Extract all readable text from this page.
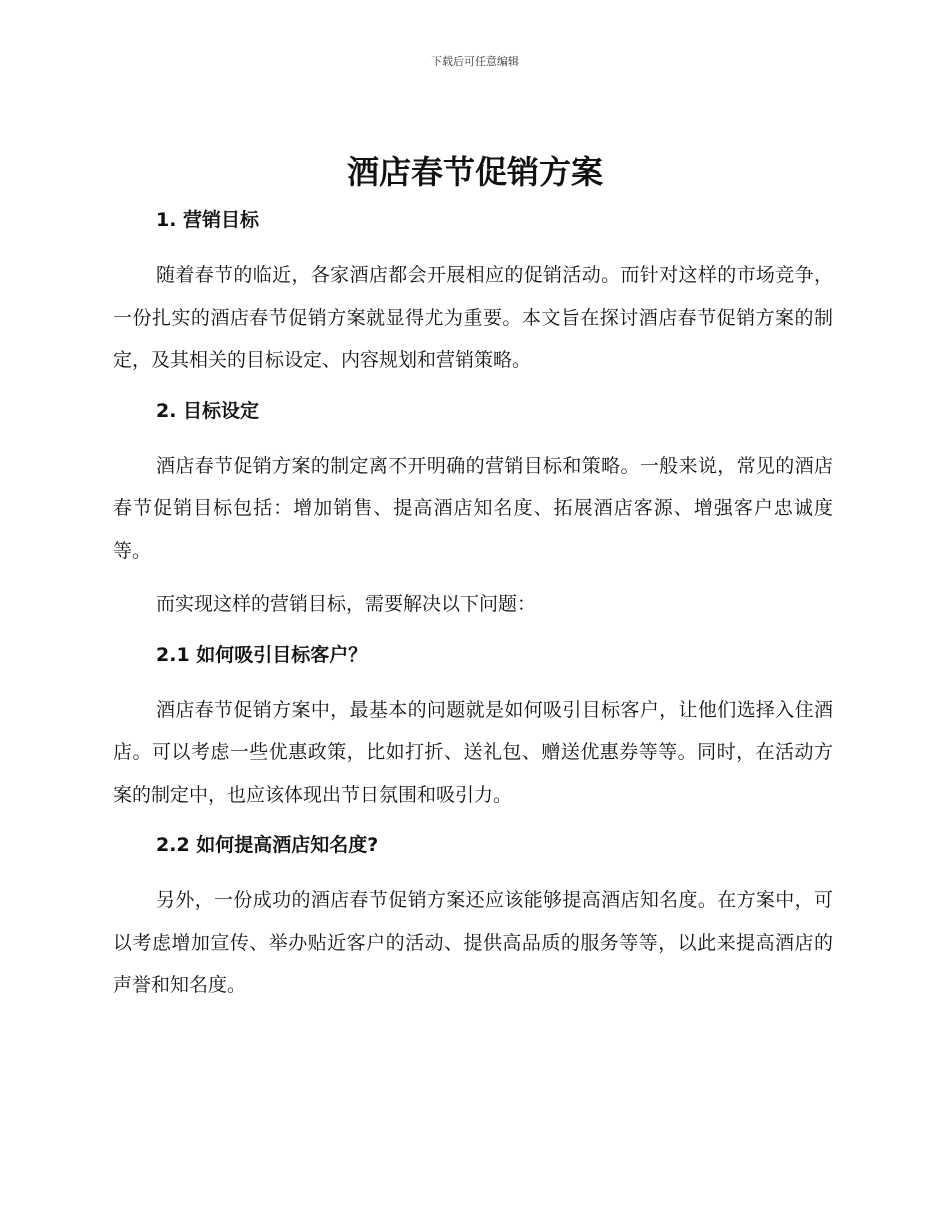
下载后可任意编辑
酒店春节促销方案
1. 营销目标

随着春节的临近，各家酒店都会开展相应的促销活动。而针对这样的市场竞争，一份扎实的酒店春节促销方案就显得尤为重要。本文旨在探讨酒店春节促销方案的制定，及其相关的目标设定、内容规划和营销策略。

2. 目标设定

酒店春节促销方案的制定离不开明确的营销目标和策略。一般来说，常见的酒店春节促销目标包括：增加销售、提高酒店知名度、拓展酒店客源、增强客户忠诚度等。

而实现这样的营销目标，需要解决以下问题：

2.1 如何吸引目标客户？

酒店春节促销方案中，最基本的问题就是如何吸引目标客户，让他们选择入住酒店。可以考虑一些优惠政策，比如打折、送礼包、赠送优惠券等等。同时，在活动方案的制定中，也应该体现出节日氛围和吸引力。

2.2 如何提高酒店知名度?

另外，一份成功的酒店春节促销方案还应该能够提高酒店知名度。在方案中，可以考虑增加宣传、举办贴近客户的活动、提供高品质的服务等等，以此来提高酒店的声誉和知名度。
